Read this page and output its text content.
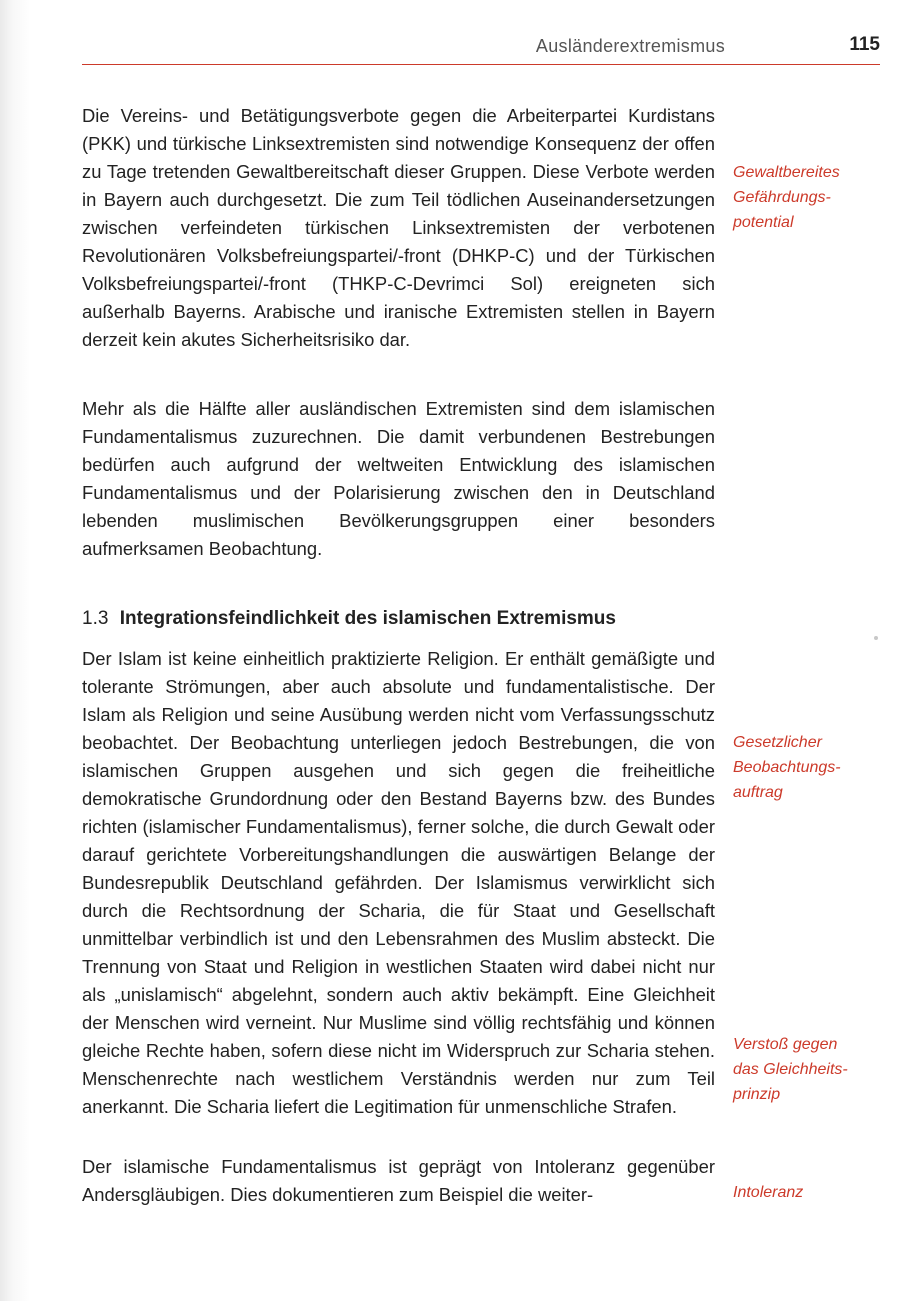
Ausländerextremismus	115

Die Vereins- und Betätigungsverbote gegen die Arbeiterpartei Kurdistans (PKK) und türkische Linksextremisten sind notwendige Konsequenz der offen zu Tage tretenden Gewaltbereitschaft dieser Gruppen. Diese Verbote werden in Bayern auch durchgesetzt. Die zum Teil tödlichen Auseinandersetzungen zwischen verfeindeten türkischen Linksextremisten der verbotenen Revolutionären Volksbefreiungspartei/-front (DHKP-C) und der Türkischen Volksbefreiungspartei/-front (THKP-C-Devrimci Sol) ereigneten sich außerhalb Bayerns. Arabische und iranische Extremisten stellen in Bayern derzeit kein akutes Sicherheitsrisiko dar.

Mehr als die Hälfte aller ausländischen Extremisten sind dem islamischen Fundamentalismus zuzurechnen. Die damit verbundenen Bestrebungen bedürfen auch aufgrund der weltweiten Entwicklung des islamischen Fundamentalismus und der Polarisierung zwischen den in Deutschland lebenden muslimischen Bevölkerungsgruppen einer besonders aufmerksamen Beobachtung.

1.3 Integrationsfeindlichkeit des islamischen Extremismus

Der Islam ist keine einheitlich praktizierte Religion. Er enthält gemäßigte und tolerante Strömungen, aber auch absolute und fundamentalistische. Der Islam als Religion und seine Ausübung werden nicht vom Verfassungsschutz beobachtet. Der Beobachtung unterliegen jedoch Bestrebungen, die von islamischen Gruppen ausgehen und sich gegen die freiheitliche demokratische Grundordnung oder den Bestand Bayerns bzw. des Bundes richten (islamischer Fundamentalismus), ferner solche, die durch Gewalt oder darauf gerichtete Vorbereitungshandlungen die auswärtigen Belange der Bundesrepublik Deutschland gefährden. Der Islamismus verwirklicht sich durch die Rechtsordnung der Scharia, die für Staat und Gesellschaft unmittelbar verbindlich ist und den Lebensrahmen des Muslim absteckt. Die Trennung von Staat und Religion in westlichen Staaten wird dabei nicht nur als „unislamisch“ abgelehnt, sondern auch aktiv bekämpft. Eine Gleichheit der Menschen wird verneint. Nur Muslime sind völlig rechtsfähig und können gleiche Rechte haben, sofern diese nicht im Widerspruch zur Scharia stehen. Menschenrechte nach westlichem Verständnis werden nur zum Teil anerkannt. Die Scharia liefert die Legitimation für unmenschliche Strafen.

Der islamische Fundamentalismus ist geprägt von Intoleranz gegenüber Andersgläubigen. Dies dokumentieren zum Beispiel die weiter-

Gewaltbereites
Gefährdungs-
potential
Gesetzlicher
Beobachtungs-
auftrag
Verstoß gegen
das Gleichheits-
prinzip
Intoleranz
